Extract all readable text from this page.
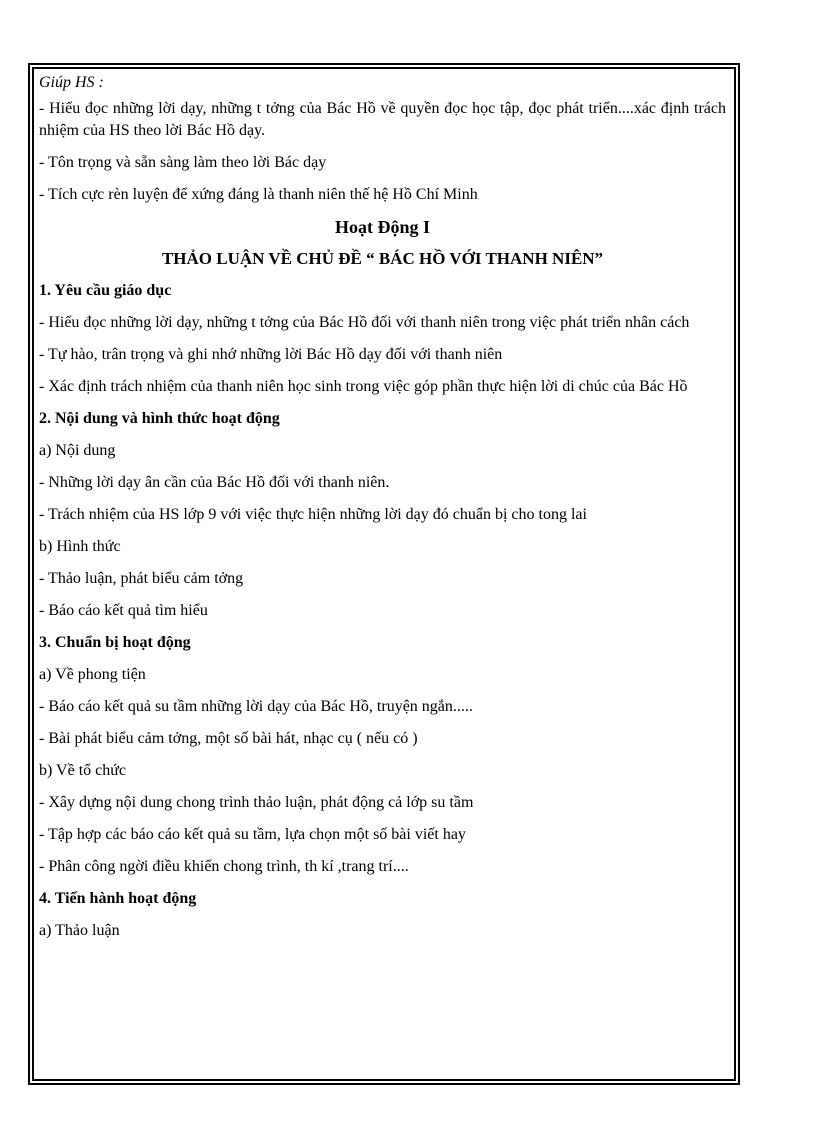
Giúp HS :

- Hiểu đọc những lời dạy, những t tởng của Bác Hồ về quyền đọc học tập, đọc phát triển....xác định trách nhiệm của HS theo lời Bác Hồ dạy.

- Tôn trọng và sẵn sàng làm theo lời Bác dạy

- Tích cực rèn luyện để xứng đáng là thanh niên thế hệ Hồ Chí Minh

Hoạt Động I

THẢO LUẬN VỀ CHỦ ĐỀ “ BÁC HỒ VỚI THANH NIÊN”

1. Yêu cầu giáo dục

- Hiểu đọc những lời dạy, những t tởng của Bác Hồ đối với thanh niên trong việc phát triển nhân cách

- Tự hào, trân trọng và ghi nhớ những lời Bác Hồ dạy đối với thanh niên

- Xác định trách nhiệm của thanh niên học sinh trong việc góp phần thực hiện lời di chúc của Bác Hồ

2. Nội dung và hình thức hoạt động

a) Nội dung

- Những lời dạy ân cần của Bác Hồ đối với thanh niên.

- Trách nhiệm của HS lớp 9 với việc thực hiện những lời dạy đó chuẩn bị cho tong lai

b) Hình thức

- Thảo luận, phát biểu cảm tởng

- Báo cáo kết quả tìm hiểu

3. Chuẩn bị hoạt động

a) Về phong tiện

- Báo cáo kết quả su tầm những lời dạy của Bác Hồ, truyện ngắn.....

- Bài phát biểu cảm tởng, một số bài hát, nhạc cụ ( nếu có )

b) Về tổ chức

- Xây dựng nội dung chong trình thảo luận, phát động cả lớp su tầm

- Tập hợp các báo cáo kết quả su tầm, lựa chọn một số bài viết hay

- Phân công ngời điều khiển chong trình, th kí ,trang trí....

4. Tiến hành hoạt động

a) Thảo luận
